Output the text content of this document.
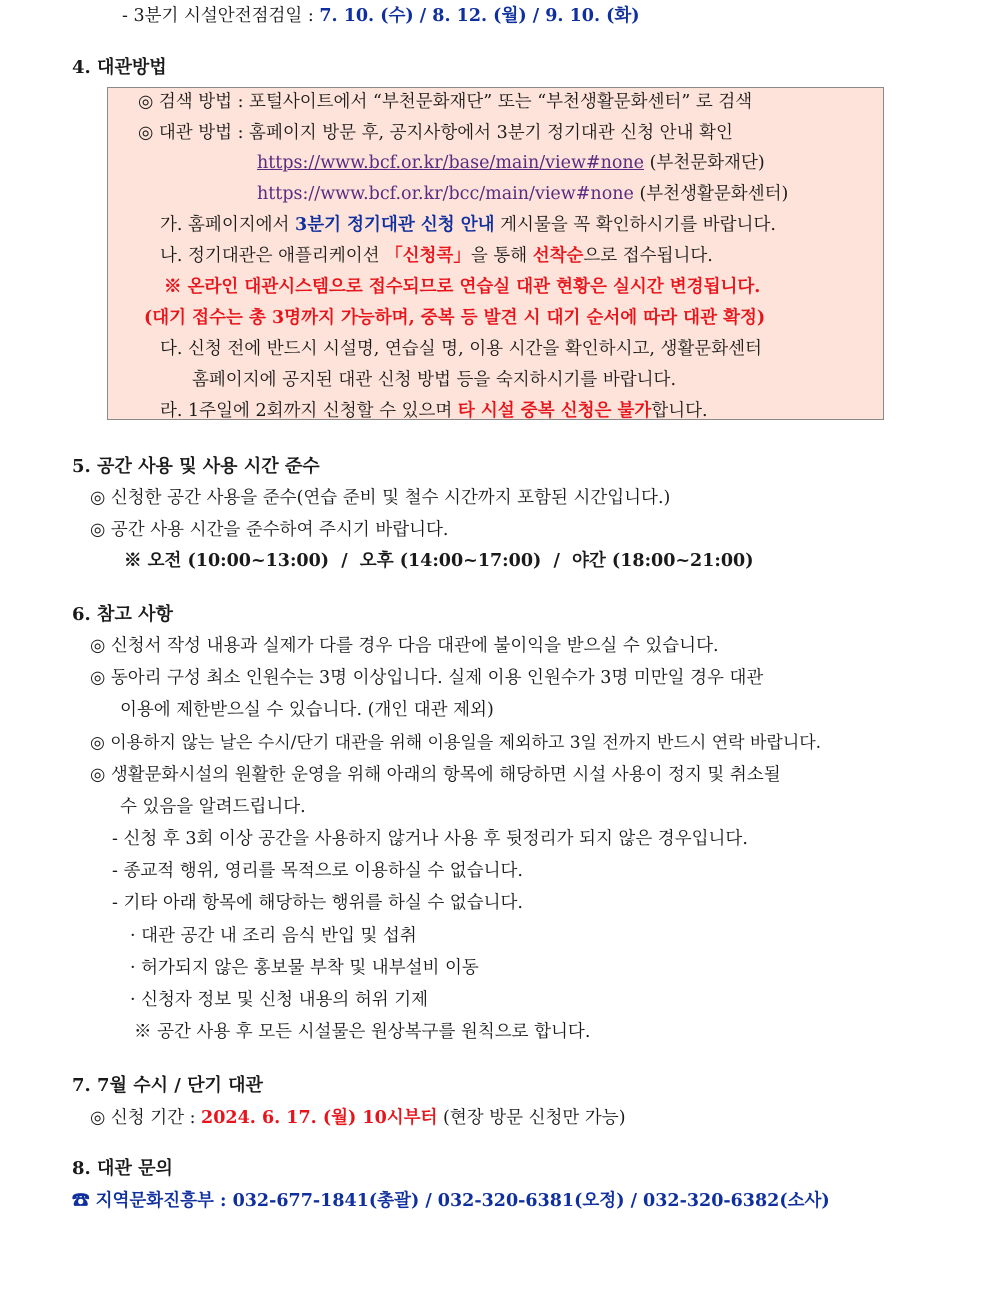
- 3분기 시설안전점검일 : 7. 10. (수) / 8. 12. (월) / 9. 10. (화)
4. 대관방법
◎ 검색 방법 : 포털사이트에서 “부천문화재단” 또는 “부천생활문화센터” 로 검색
◎ 대관 방법 : 홈페이지 방문 후, 공지사항에서 3분기 정기대관 신청 안내 확인
https://www.bcf.or.kr/base/main/view#none (부천문화재단)
https://www.bcf.or.kr/bcc/main/view#none (부천생활문화센터)
가. 홈페이지에서 3분기 정기대관 신청 안내 게시물을 꼭 확인하시기를 바랍니다.
나. 정기대관은 애플리케이션 「신청콕」을 통해 선착순으로 접수됩니다.
※ 온라인 대관시스템으로 접수되므로 연습실 대관 현황은 실시간 변경됩니다.
(대기 접수는 총 3명까지 가능하며, 중복 등 발견 시 대기 순서에 따라 대관 확정)
다. 신청 전에 반드시 시설명, 연습실 명, 이용 시간을 확인하시고, 생활문화센터
홈페이지에 공지된 대관 신청 방법 등을 숙지하시기를 바랍니다.
라. 1주일에 2회까지 신청할 수 있으며 타 시설 중복 신청은 불가합니다.
5. 공간 사용 및 사용 시간 준수
◎ 신청한 공간 사용을 준수(연습 준비 및 철수 시간까지 포함된 시간입니다.)
◎ 공간 사용 시간을 준수하여 주시기 바랍니다.
※ 오전 (10:00~13:00)  /  오후 (14:00~17:00)  /  야간 (18:00~21:00)
6. 참고 사항
◎ 신청서 작성 내용과 실제가 다를 경우 다음 대관에 불이익을 받으실 수 있습니다.
◎ 동아리 구성 최소 인원수는 3명 이상입니다. 실제 이용 인원수가 3명 미만일 경우 대관
이용에 제한받으실 수 있습니다. (개인 대관 제외)
◎ 이용하지 않는 날은 수시/단기 대관을 위해 이용일을 제외하고 3일 전까지 반드시 연락 바랍니다.
◎ 생활문화시설의 원활한 운영을 위해 아래의 항목에 해당하면 시설 사용이 정지 및 취소될
수 있음을 알려드립니다.
- 신청 후 3회 이상 공간을 사용하지 않거나 사용 후 뒷정리가 되지 않은 경우입니다.
- 종교적 행위, 영리를 목적으로 이용하실 수 없습니다.
- 기타 아래 항목에 해당하는 행위를 하실 수 없습니다.
· 대관 공간 내 조리 음식 반입 및 섭취
· 허가되지 않은 홍보물 부착 및 내부설비 이동
· 신청자 정보 및 신청 내용의 허위 기제
※ 공간 사용 후 모든 시설물은 원상복구를 원칙으로 합니다.
7. 7월 수시 / 단기 대관
◎ 신청 기간 : 2024. 6. 17. (월) 10시부터 (현장 방문 신청만 가능)
8. 대관 문의
☎ 지역문화진흥부 : 032-677-1841(총괄) / 032-320-6381(오정) / 032-320-6382(소사)
